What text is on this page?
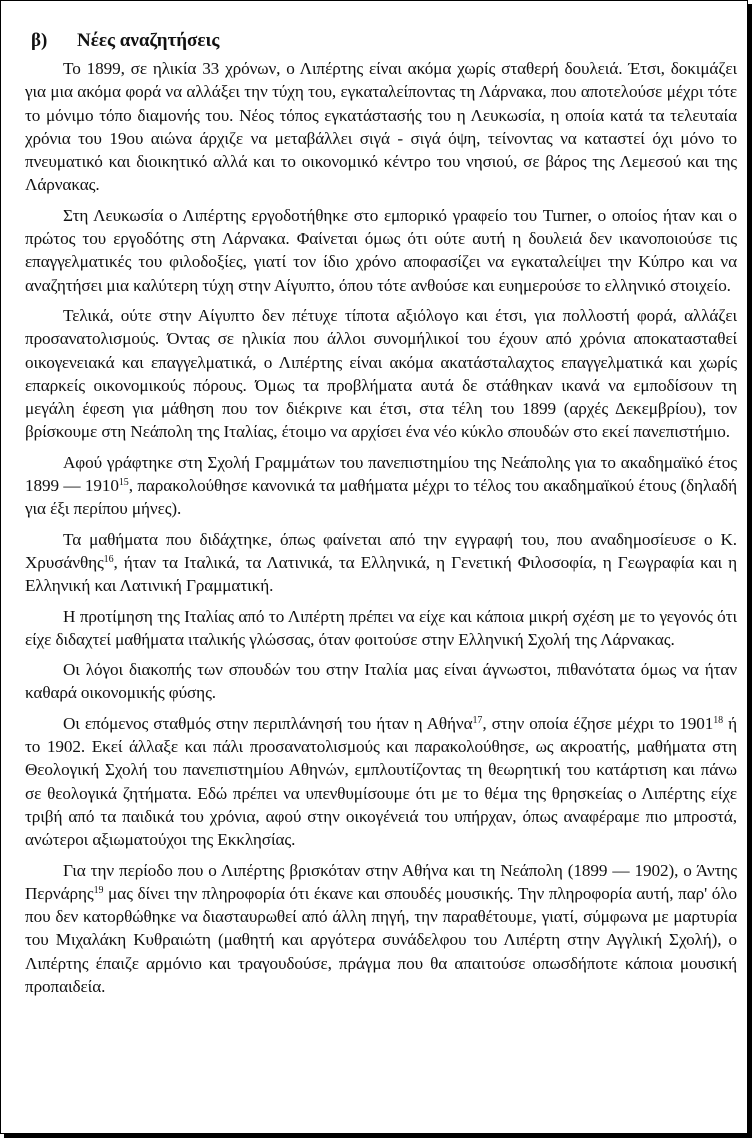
β) Νέες αναζητήσεις

Το 1899, σε ηλικία 33 χρόνων, ο Λιπέρτης είναι ακόμα χωρίς σταθερή δουλειά. Έτσι, δοκιμάζει για μια ακόμα φορά να αλλάξει την τύχη του, εγκαταλείποντας τη Λάρνακα, που αποτελούσε μέχρι τότε το μόνιμο τόπο διαμονής του. Νέος τόπος εγκατάστασής του η Λευκωσία, η οποία κατά τα τελευταία χρόνια του 19ου αιώνα άρχιζε να μεταβάλλει σιγά - σιγά όψη, τείνοντας να καταστεί όχι μόνο το πνευματικό και διοικητικό αλλά και το οικονομικό κέντρο του νησιού, σε βάρος της Λεμεσού και της Λάρνακας.

Στη Λευκωσία ο Λιπέρτης εργοδοτήθηκε στο εμπορικό γραφείο του Turner, ο οποίος ήταν και ο πρώτος του εργοδότης στη Λάρνακα. Φαίνεται όμως ότι ούτε αυτή η δουλειά δεν ικανοποιούσε τις επαγγελματικές του φιλοδοξίες, γιατί τον ίδιο χρόνο αποφασίζει να εγκαταλείψει την Κύπρο και να αναζητήσει μια καλύτερη τύχη στην Αίγυπτο, όπου τότε ανθούσε και ευημερούσε το ελληνικό στοιχείο.

Τελικά, ούτε στην Αίγυπτο δεν πέτυχε τίποτα αξιόλογο και έτσι, για πολλοστή φορά, αλλάζει προσανατολισμούς. Όντας σε ηλικία που άλλοι συνομήλικοί του έχουν από χρόνια αποκατασταθεί οικογενειακά και επαγγελματικά, ο Λιπέρτης είναι ακόμα ακατάσταλαχτος επαγγελματικά και χωρίς επαρκείς οικονομικούς πόρους. Όμως τα προβλήματα αυτά δε στάθηκαν ικανά να εμποδίσουν τη μεγάλη έφεση για μάθηση που τον διέκρινε και έτσι, στα τέλη του 1899 (αρχές Δεκεμβρίου), τον βρίσκουμε στη Νεάπολη της Ιταλίας, έτοιμο να αρχίσει ένα νέο κύκλο σπουδών στο εκεί πανεπιστήμιο.

Αφού γράφτηκε στη Σχολή Γραμμάτων του πανεπιστημίου της Νεάπολης για το ακαδημαϊκό έτος 1899 — 1910$^{15}$, παρακολούθησε κανονικά τα μαθήματα μέχρι το τέλος του ακαδημαϊκού έτους (δηλαδή για έξι περίπου μήνες).

Τα μαθήματα που διδάχτηκε, όπως φαίνεται από την εγγραφή του, που αναδημοσίευσε ο Κ. Χρυσάνθης$^{16}$, ήταν τα Ιταλικά, τα Λατινικά, τα Ελληνικά, η Γενετική Φιλοσοφία, η Γεωγραφία και η Ελληνική και Λατινική Γραμματική.

Η προτίμηση της Ιταλίας από το Λιπέρτη πρέπει να είχε και κάποια μικρή σχέση με το γεγονός ότι είχε διδαχτεί μαθήματα ιταλικής γλώσσας, όταν φοιτούσε στην Ελληνική Σχολή της Λάρνακας.

Οι λόγοι διακοπής των σπουδών του στην Ιταλία μας είναι άγνωστοι, πιθανότατα όμως να ήταν καθαρά οικονομικής φύσης.

Οι επόμενος σταθμός στην περιπλάνησή του ήταν η Αθήνα$^{17}$, στην οποία έζησε μέχρι το 1901$^{18}$ ή το 1902. Εκεί άλλαξε και πάλι προσανατολισμούς και παρακολούθησε, ως ακροατής, μαθήματα στη Θεολογική Σχολή του πανεπιστημίου Αθηνών, εμπλουτίζοντας τη θεωρητική του κατάρτιση και πάνω σε θεολογικά ζητήματα. Εδώ πρέπει να υπενθυμίσουμε ότι με το θέμα της θρησκείας ο Λιπέρτης είχε τριβή από τα παιδικά του χρόνια, αφού στην οικογένειά του υπήρχαν, όπως αναφέραμε πιο μπροστά, ανώτεροι αξιωματούχοι της Εκκλησίας.

Για την περίοδο που ο Λιπέρτης βρισκόταν στην Αθήνα και τη Νεάπολη (1899 — 1902), ο Άντης Περνάρης$^{19}$ μας δίνει την πληροφορία ότι έκανε και σπουδές μουσικής. Την πληροφορία αυτή, παρ' όλο που δεν κατορθώθηκε να διασταυρωθεί από άλλη πηγή, την παραθέτουμε, γιατί, σύμφωνα με μαρτυρία του Μιχαλάκη Κυθραιώτη (μαθητή και αργότερα συνάδελφου του Λιπέρτη στην Αγγλική Σχολή), ο Λιπέρτης έπαιζε αρμόνιο και τραγουδούσε, πράγμα που θα απαιτούσε οπωσδήποτε κάποια μουσική προπαιδεία.
